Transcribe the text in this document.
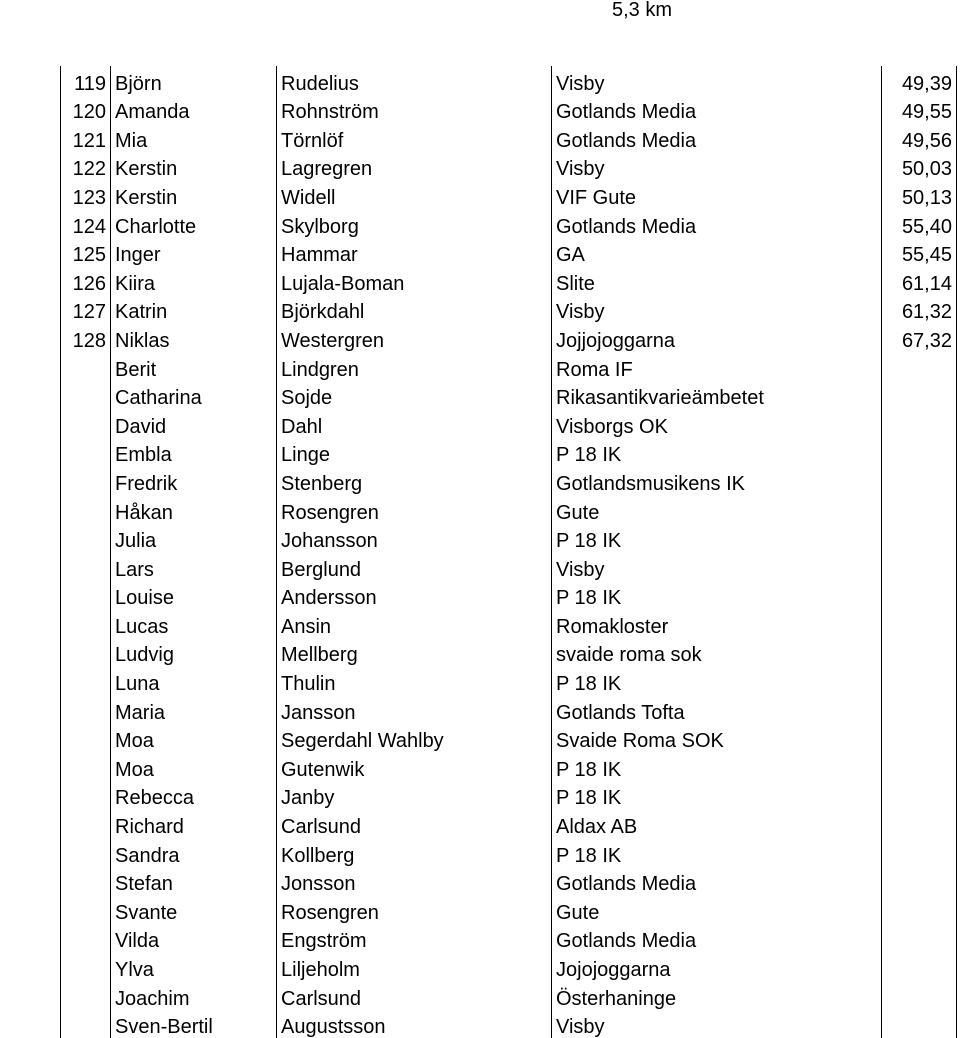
5,3 km
119	Björn	Rudelius	Visby	49,39
120	Amanda	Rohnström	Gotlands Media	49,55
121	Mia	Törnlöf	Gotlands Media	49,56
122	Kerstin	Lagregren	Visby	50,03
123	Kerstin	Widell	VIF Gute	50,13
124	Charlotte	Skylborg	Gotlands Media	55,40
125	Inger	Hammar	GA	55,45
126	Kiira	Lujala-Boman	Slite	61,14
127	Katrin	Björkdahl	Visby	61,32
128	Niklas	Westergren	Jojjojoggarna	67,32
	Berit	Lindgren	Roma IF	
	Catharina	Sojde	Rikasantikvarieämbetet	
	David	Dahl	Visborgs OK	
	Embla	Linge	P 18 IK	
	Fredrik	Stenberg	Gotlandsmusikens IK	
	Håkan	Rosengren	Gute	
	Julia	Johansson	P 18 IK	
	Lars	Berglund	Visby	
	Louise	Andersson	P 18 IK	
	Lucas	Ansin	Romakloster	
	Ludvig	Mellberg	svaide roma sok	
	Luna	Thulin	P 18 IK	
	Maria	Jansson	Gotlands Tofta	
	Moa	Segerdahl Wahlby	Svaide Roma SOK	
	Moa	Gutenwik	P 18 IK	
	Rebecca	Janby	P 18 IK	
	Richard	Carlsund	Aldax AB	
	Sandra	Kollberg	P 18 IK	
	Stefan	Jonsson	Gotlands Media	
	Svante	Rosengren	Gute	
	Vilda	Engström	Gotlands Media	
	Ylva	Liljeholm	Jojojoggarna	
	Joachim	Carlsund	Österhaninge	
	Sven-Bertil	Augustsson	Visby	
